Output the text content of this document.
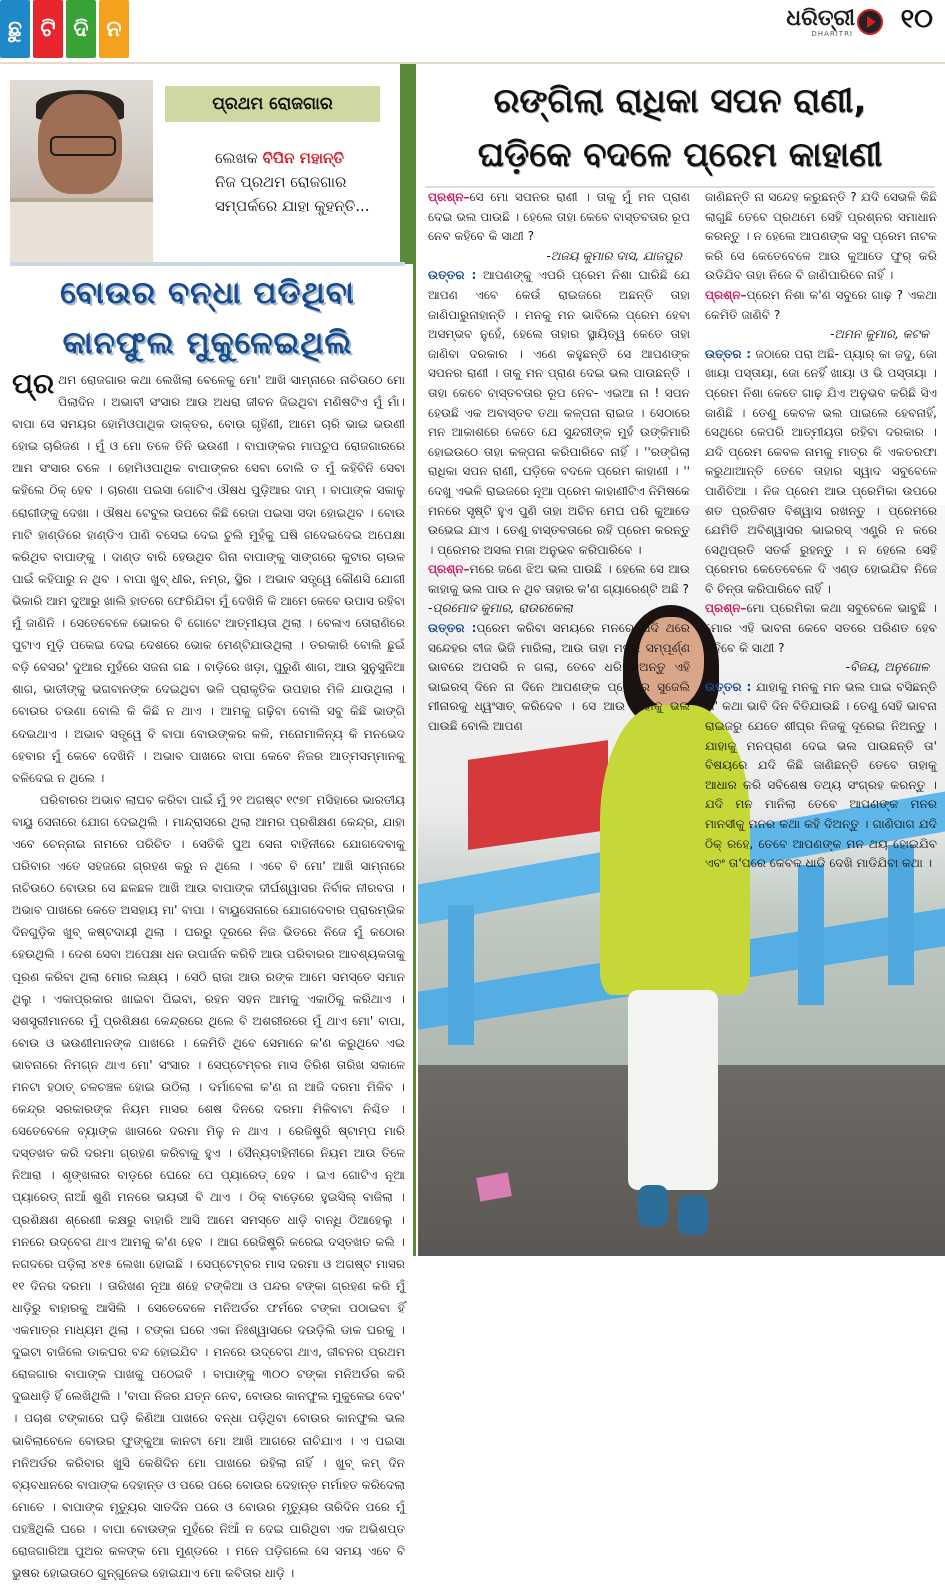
ଛୁ ଟି ଦି ନ	ଧରିତ୍ରୀ
DHARITRI ୧୦
ପ୍ରଥମ ରୋଜଗାର
ଲେଖକ ବିପିନ ମହାନ୍ତି
ନିଜ ପ୍ରଥମ ରୋଜଗାର
ସମ୍ପର୍କରେ ଯାହା କୁହନ୍ତି...
ବୋଉର ବନ୍ଧା ପଡିଥିବା
କାନଫୁଲ ମୁକୁଳେଇଥିଲି

ପ୍ର ଥମ ରୋଜଗାର କଥା ଲେଖିଲା ବେଳେକୁ ମୋ' ଆଖି ସାମ୍ନାରେ ନାଚିଉଠେ ମୋ ପିଲାଦିନ । ଅଭାବୀ ସଂସାର ଆଉ ଅଧରା ଜୀବନ ଜିଇଥିବା ମଣିଷଟିଏ ମୁଁ ମାଁ। ବାପା ସେ ସମୟର ହୋମିଓପାଥିକ ଡାକ୍ତର, ବୋଉ ଗୃହିଣୀ, ଆମେ ଚାରି ଭାଇ ଭଉଣୀ ହୋଇ ଚାରିଜଣ । ମୁଁ ଓ ମୋ ତଳେ ତିନି ଭଉଣୀ । ବାପାଙ୍କର ମାପଚୁପ ରୋଜଗାରରେ ଆମ ସଂସାର ଚଳେ । ହୋମିଓପାଥିକ ବାପାଙ୍କର ସେବା ବୋଲି ତ ମୁଁ କହିବିନି ସେବା କହିଲେ ଠିକ୍ ହେବ । ଚାରଣା ପଇସା ଗୋଟିଏ ଔଷଧ ପୁଡ଼ିଆର ଦାମ୍ । ବାପାଙ୍କ ସକାଳୁ ରୋଗୀଙ୍କୁ ଦେଖା । ଔଷଧ ଟେବୁଲ ଉପରେ କିଛି ରେଜା ପଇସା ସଦା ହୋଇଥିବ । ବୋଉ ମାଟି ହାଣ୍ଡିରେ ହାଣ୍ଡିଏ ପାଣି ବସେଇ ଦେଇ ଚୁଲି ମୁହଁକୁ ଘଷି ଗଦେଇଦେଇ ଅପେକ୍ଷା କରିଥିବ ବାପାଙ୍କୁ । ଦାଣ୍ଡ ବାରି ହେଉଥିବ ଗିନା ବାପାଙ୍କୁ ସାଙ୍ଗରେ କୁଟାର ଚାଉଳ ପାଇଁ କହିପାରୁ ନ ଥିବ । ବାପା ଖୁବ୍ ଧୀର, ନମ୍ର, ସ୍ଥିର । ଅଭାବ ସତ୍ତ୍ୱେ କୌଣସି ଯୋଗୀ ଭିକାରି ଆମ ଦୁଆରୁ ଖାଲି ହାତରେ ଫେରିଯିବା ମୁଁ ଦେଖିନି କି ଆମେ କେବେ ଉପାସ ରହିବା ମୁଁ ଜାଣିନି । ସେତେବେଳେ ଭୋକର ବି ଗୋଟେ ଆତ୍ମୀୟତା ଥିଲା । ବେଳାଏ ତୋରାଣିରେ ପୁଟାଏ ମୁଡ଼ି ପକେଇ ଦେଇ ଦେଶରେ ଭୋକ ମେଣ୍ଟିଯାଉଥିଲା । ତରକାରି ବୋଲି ଛୁଇଁ ବଡ଼ି ବେସର' ଦୁଆର ମୁହଁରେ ସଜନା ଗଛ । ବାଡ଼ିରେ ଖଡ଼ା, ପୁରୁଣି ଶାଗ, ଆଉ ସୁନୁସୁନିଆ ଶାଗ, ଭାତୀଙ୍କୁ ଭଗବାନଙ୍କ ଦେଇଥିବା ଭଳି ପ୍ରାକୃତିକ ଉପହାର ମିଳି ଯାଉଥିଲା । ବୋଉର ଚଉଣା ବୋଲି କି କିଛି ନ ଥାଏ । ଆମକୁ ଗଢ଼ିବା ବୋଲି ସବୁ କିଛି ଭାଙ୍ଗି ଦେଇଥାଏ । ଅଭାବ ସତ୍ତ୍ୱେ ବି ବାପା ବୋଉଙ୍କର କଳି, ମନୋମାଳିନ୍ୟ କି ମନଭେଦ ହେବାର ମୁଁ କେବେ ଦେଖିନି । ଅଭାବ ପାଖରେ ବାପା କେବେ ନିଜର ଆତ୍ମସମ୍ମାନକୁ ବଳିଦେଇ ନ ଥିଲେ ।

ପରିବାରର ଅଭାବ ଲାଘବ କରିବା ପାଇଁ ମୁଁ ୨୧ ଅଗଷ୍ଟ ୧୯୭୮ ମସିହାରେ ଭାରତୀୟ ବାୟୁ ସେନାରେ ଯୋଗ ଦେଇଥିଲି । ମାନ୍ଦ୍ରାସରେ ଥିଲା ଆମର ପ୍ରଶିକ୍ଷଣ କେନ୍ଦ୍ର, ଯାହା ଏବେ ଚେନ୍ନାଇ ନାମରେ ପରିଚିତ । ସେତିକି ପୁଅ ସେନା ବାହିନୀରେ ଯୋଗଦେବାକୁ ପରିବାର ଏତେ ସହଜରେ ଗ୍ରହଣ କରୁ ନ ଥିଲେ । ଏବେ ବି ମୋ' ଆଖି ସାମ୍ନାରେ ନାଚିଉଠେ ବୋଉର ସେ ଛଳଛଳ ଆଖି ଆଉ ବାପାଙ୍କ ଦୀର୍ଘଶ୍ୱାସର ନିର୍ବାକ ନୀରବତା । ଅଭାବ ପାଖରେ କେତେ ଅସହାୟ ମା' ବାପା । ବାୟୁସେନାରେ ଯୋଗଦେବାର ପ୍ରାରମ୍ଭିକ ଦିନଗୁଡ଼ିକ ଖୁବ୍ କଷ୍ଟଦାୟୀ ଥିଲା । ଘରରୁ ଦୂରରେ ନିଜ ଭିତରେ ନିଜେ ମୁଁ କଠୋର ହେଉଥିଲି । ଦେଶ ସେବା ଅପେକ୍ଷା ଧନ ଉପାର୍ଜନ କରିବି ଆଉ ପରିବାରର ଆବଶ୍ୟକତାକୁ ପୂରଣ କରିବା ଥିଲା ମୋର ଲକ୍ଷ୍ୟ । ସେଠି ରାଜା ଆଉ ରଙ୍କ ଆମେ ସମସ୍ତେ ସମାନ ଥିଲୁ । ଏକାପ୍ରକାର ଖାଇବା ପିଇବା, ରହନ ସହନ ଆମକୁ ଏକାଠିକୁ କରିଥାଏ । ସଶସ୍ତ୍ରୀମାନରେ ମୁଁ ପ୍ରଶିକ୍ଷଣ କେନ୍ଦ୍ରରେ ଥିଲେ ବି ଅଶରୀରରେ ମୁଁ ଥାଏ ମୋ' ବାପା, ବୋଉ ଓ ଭଉଣୀମାନଙ୍କ ପାଖରେ । କେମିତି ଥିବେ ସେମାନେ କ'ଣ କରୁଥିବେ ଏଇ ଭାବନାରେ ନିମଗ୍ନ ଥାଏ ମୋ' ସଂସାର । ସେପ୍ଟେମ୍ବର ମାସ ତିରିଶ ତାରିଖ ସକାଳେ ମନଟା ହଠାତ୍ ଚଳଚଞ୍ଚଳ ହୋଇ ଉଠିଲା । ଦର୍ମାବେଳା କ'ଣ ନା ଆଜି ଦରମା ମିଳିବ । କେନ୍ଦ୍ର ସରକାରଙ୍କ ନିୟମ ମାସର ଶେଷ ଦିନରେ ଦରମା ମିଳିବାଟା ନିଶ୍ଚିତ । ସେତେବେଳେ ବ୍ୟାଙ୍କ ଖାତାରେ ଦରମା ମିଳୁ ନ ଥାଏ । ରେଜିଷ୍ଟ୍ରି ଷ୍ଟାମ୍ପ ମାରି ଦସ୍ତଖତ କରି ଦରମା ଗ୍ରହଣ କରିବାକୁ ହୁଏ । ସୈନ୍ୟବାହିନୀରେ ନିୟମ ଆଉ ତିଳେ ନିଆରା । ଶୃଙ୍ଖଳାର ବାଡ଼ରେ ଘେରେ ପେ ପ୍ୟାରେଡ୍ ହେବ । ଇଏ ଗୋଟିଏ ନୂଆ ପ୍ୟାରେଡ୍ ନାଆଁ ଶୁଣି ମନରେ ଭୟଭୀ ବି ଥାଏ । ଠିକ୍ ବାଡ଼େରେ ହୁଇସିଲ୍ ବାଜିଲା । ପ୍ରଶିକ୍ଷଣ ଶ୍ରେଣୀ କକ୍ଷରୁ ବାହାରି ଆସି ଆମେ ସମସ୍ତେ ଧାଡ଼ି ବାନ୍ଧି ଠିଆହେଲୁ । ମନରେ ଉଦ୍‌ବେଗ ଥାଏ ଆମକୁ କ'ଣ ହେବ । ଆଗ ରେଜିଷ୍ଟ୍ରି କରେଇ ଦସ୍ତଖତ କଲି । ନଗଦରେ ପଡ଼ିଲା ୪୧୫ ଲେଖା ହୋଇଛି । ସେପ୍ଟେମ୍ବର ମାସ ଦରମା ଓ ଅଗଷ୍ଟ ମାସର ୧୧ ଦିନର ଦରମା । ତାରିଖଣ ନୂଆ ଶହେ ଟଙ୍କିଆ ଓ ପନ୍ଦର ଟଙ୍କା ଗ୍ରହଣ କରି ମୁଁ ଧାଡ଼ିରୁ ବାହାରକୁ ଆସିଲି । ସେତେବେଳେ ମନିଅର୍ଡର ଫର୍ମରେ ଟଙ୍କା ପଠାଇବା ହିଁ ଏକମାତ୍ର ମାଧ୍ୟମ ଥିଲା । ଟଙ୍କା ଘରେ ଏକା ନିଃଶ୍ୱାସରେ ଦଉଡ଼ିଲି ଡାକ ଘରକୁ । ଦୁଇଟା ବାଜିଲେ ଡାକଘର ବନ୍ଦ ହୋଇଯିବ । ମନରେ ଉଦ୍‌ବେଗ ଥାଏ, ଜୀବନର ପ୍ରଥମ ରୋଜଗାର ବାପାଙ୍କ ପାଖକୁ ପଠେଇବି । ବାପାଙ୍କୁ ୩୦୦ ଟଙ୍କା ମନିଅର୍ଡର କରି ଦୁଇଧାଡ଼ି ହିଁ ଲେଖିଥିଲି । 'ବାପା ନିଜର ଯତ୍ନ ନେବ, ବୋଉର କାନଫୁଲ ମୁକୁଳେଇ ଦେବ' । ପଚାଶ ଟଙ୍କାରେ ଘଡ଼ି କିଣିଆ ପାଖରେ ବନ୍ଧା ପଡ଼ିଥିବା ବୋଉର କାନଫୁଲ ଭଲ ଭାବିଲାବେଳେ ବୋଉର ଫୁଙ୍କୁଆ କାନଟା ମୋ ଆଖି ଆଗରେ ନାଚିଯାଏ । ଏ ପଇସା ମନିଅର୍ଡର କରିବାର ଖୁସି କେଶିଦିନ ମୋ ପାଖରେ ରହିଲା ନାହିଁ । ଖୁବ୍ କମ୍ ଦିନ ବ୍ୟବଧାନରେ ବାପାଙ୍କ ଦେହାନ୍ତ ଓ ପରେ ପରେ ବୋଉର ଦେହାନ୍ତ ମର୍ମାହତ କରିଦେଲା ମୋତେ । ବାପାଙ୍କ ମୃତ୍ୟୁର ସାତଦିନ ପରେ ଓ ବୋଉର ମୃତ୍ୟୁର ତାରିଦିନ ପରେ ମୁଁ ପହଞ୍ଚିଥିଲି ଘରେ । ବାପା ବୋଉଙ୍କ ମୁହଁରେ ନିଆଁ ନ ଦେଇ ପାରିଥିବା ଏକ ଅଭିଶପ୍ତ ରୋଜଗାରିଆ ପୁଅର କଳଙ୍କ ମୋ ମୁଣ୍ଡରେ । ମନେ ପଡ଼ିଗଲେ ସେ ସମୟ ଏବେ ବି ଭୁଷର ହୋଇଉଠେ ଗୁନ୍ଗୁନେଇ ହୋଇଯାଏ ମୋ କବିତାର ଧାଡ଼ି ।

ରଙ୍ଗିଲା ରାଧିକା ସପନ ରାଣୀ,
ଘଡ଼ିକେ ବଦଳେ ପ୍ରେମ କାହାଣୀ

ପ୍ରଶ୍ନ–ସେ ମୋ ସପନର ରାଣୀ । ତାକୁ ମୁଁ ମନ ପ୍ରାଣ ଦେଇ ଭଲ ପାଉଛି । ହେଲେ ତାହା କେବେ ବାସ୍ତବତାର ରୂପ ନେବ କହିବେ କି ସାଥୀ ?

-ଅଜୟ କୁମାର ଦାସ, ଯାଜପୁର

ଉତ୍ତର : ଆପଣଙ୍କୁ ଏପରି ପ୍ରେମ ନିଶା ଘାରିଛି ଯେ ଆପଣ ଏବେ କେଉଁ ରାଇଜରେ ଅଛନ୍ତି ତାହା ଜାଣିପାରୁନାହାନ୍ତି । ମନକୁ ମନ ଭାବିଲେ ପ୍ରେମ ହେବା ଅସମ୍ଭବ ନୁହେଁ, ହେଲେ ତାହାର ସ୍ଥାୟିତ୍ୱ କେତେ ତାହା ଜାଣିବା ଦରକାର । ଏଣେ କହୁଛନ୍ତି ସେ ଆପଣଙ୍କ ସପନର ରାଣୀ । ତାକୁ ମନ ପ୍ରାଣ ଦେଇ ଭଲ ପାଉଛନ୍ତି । ତାହା କେବେ ବାସ୍ତବତାର ରୂପ ନେବ- ଏଇଆ ନା ! ସପନ ହେଉଛି ଏକ ଅବାସ୍ତବ ତଥା କଳ୍ପନା ରାଇଜ । ସେଠାରେ ମନ ଆକାଶରେ କେତେ ଯେ ସୁନ୍ଦରୀଙ୍କ ମୁହଁ ଉଙ୍କିମାରି ହୋଇଉଠେ ତାହା କଳ୍ପନା କରିପାରିବେ ନାହିଁ । ''ରଙ୍ଗିଲା ରାଧିକା ସପନ ରାଣୀ, ଘଡ଼ିକେ ବଦଳେ ପ୍ରେମ କାହାଣୀ । '' ଦେଖୁ ଏଭଳି ରାଇଜରେ ନୂଆ ପ୍ରେମ କାହାଣୀଟିଏ ନିମିଷକେ ମନରେ ସୃଷ୍ଟି ହୁଏ ପୁଣି ତାହା ଅଚିନ ମେଘ ପରି କୁଆଡେ ଉଭେଇ ଯାଏ । ତେଣୁ ବାସ୍ତବତାରେ ରହି ପ୍ରେମ କରନ୍ତୁ । ପ୍ରେମର ଅସଲ ମଜା ଅନୁଭବ କରିପାରିବେ ।

ପ୍ରଶ୍ନ–ମରେ ଜଣେ ଝିଅ ଭଲ ପାଉଛି । ହେଲେ ସେ ଆଉ କାହାକୁ ଭଲ ପାଉ ନ ଥିବ ତାହାର କ'ଣ ଗ୍ୟାରେଣ୍ଟି ଅଛି ?

-ପ୍ରମୋଦ କୁମାର, ରାଉରକେଲା

ଉତ୍ତର :ପ୍ରେମ କରିବା ସମୟରେ ମନରେ ଯଦି ଥରେ ସନ୍ଦେହର ବୀଜ ଭିଜି ମାରିଲା, ଆଉ ତାହା ମନରୁ ସମ୍ପୂର୍ଣ୍ଣ ଭାବରେ ଅପସରି ନ ଗଲା, ତେବେ ଧରି ନିଅନ୍ତୁ ଏହି ଭାଇରସ୍ ଦିନେ ନା ଦିନେ ଆପଣଙ୍କ ପ୍ରେମର ସୁଜେଲି ମୀନାରକୁ ଧ୍ୱଂସାତ୍ କରିଦେବ । ସେ ଆଉ କାହାକୁ ଭଲ ପାଉଛି ବୋଲି ଆପଣ

ଜାଣିଛନ୍ତି ନା ସନ୍ଦେହ କରୁଛନ୍ତି ? ଯଦି ସେଭଳି କିଛି ଲାଗୁଛି ତେବେ ପ୍ରଥମେ ସେହି ପ୍ରଶ୍ନର ସମାଧାନ କରନ୍ତୁ । ନ ହେଲେ ଆପଣଙ୍କ ସବୁ ପ୍ରେମ ନାଟକ କରି ସେ କେତେବେଳେ ଆଉ କୁଆଡେ ଫୁର୍ କରି ଉଡିଯିବ ତାହା ନିଜେ ବି ଜାଣିପାରିବେ ନାହିଁ ।

ପ୍ରଶ୍ନ–ପ୍ରେମ ନିଶା କ'ଣ ସବୁରେ ଗାଢ଼ ? ଏକଥା କେମିତି ଜାଣିବି ?

-ଅମନ କୁମାର, କଟକ

ଉତ୍ତର : ଜଠାରେ ପରା ଅଛି- ପ୍ୟାର୍ କା ଜଦୁ, ଜୋ ଖାୟା ପସ୍ତାୟା, ଜୋ ନେହିଁ ଖାୟା ଓ ଭି ପସ୍ତାୟା । ପ୍ରେମ ନିଶା କେତେ ଗାଢ଼ ଯିଏ ଅନୁଭବ କରିଛି ସିଏ ଜାଣିଛି । ତେଣୁ କେବଳ ଭଲ ପାଇଲେ ହେବନାହିଁ, ସେଥିରେ କେପରି ଆତ୍ମୀୟତା ରହିବା ଦରକାର । ଯଦି ପ୍ରେମ କେବଳ ନାମକୁ ମାତ୍ର କି ଏକତରଫା କରୁଥାଆନ୍ତି ତେବେ ତାହାର ସ୍ୱାଦ ସବୁବେଳେ ପାଣିଚିଆ । ନିଜ ପ୍ରେମ ଆଉ ପ୍ରେମିକା ଉପରେ ଶତ ପ୍ରତିଶତ ବିଶ୍ୱାସ ରଖନ୍ତୁ । ପ୍ରେମରେ ଯେମିତି ଅବିଶ୍ୱାସର ଭାଇରସ୍ ଏଣ୍ଟ୍ରି ନ କରେ ସେଥିପ୍ରତି ସତର୍କ ରୁହନ୍ତୁ । ନ ହେଲେ ସେହି ପ୍ରେମର କେତେବେଳେ ଦି ଏଣ୍ଡ ହୋଇଯିବ ନିଜେ ବି ଚିନ୍ତା କରିପାରିବେ ନାହିଁ ।

ପ୍ରଶ୍ନ–ମୋ ପ୍ରେମିକା କଥା ସବୁବେଳେ ଭାବୁଛି । ମୋର ଏହି ଭାବନା କେବେ ସତରେ ପରିଣତ ହେବ କହିବେ କି ସାଥୀ ?

-ବିଜୟ, ଅନୁଗୋଳ

ଉତ୍ତର : ଯାହାକୁ ମନକୁ ମନ ଭଲ ପାଇ ବସିଛନ୍ତି ତା' କଥା ଭାବି ଦିନ ବିତିଯାଉଛି । ତେଣୁ ସେହି ଭାବନା ରାଇଜରୁ ଯେତେ ଶୀଘ୍ର ନିଜକୁ ଦୂରେଇ ନିଅନ୍ତୁ । ଯାହାକୁ ମନପ୍ରାଣ ଦେଇ ଭଲ ପାଉଛନ୍ତି ତା' ବିଷୟରେ ଯଦି କିଛି ଜାଣିଛନ୍ତି ତେବେ ତାହାକୁ ଆଧାର କରି ସବିଶେଷ ତଥ୍ୟ ସଂଗ୍ରହ କରନ୍ତୁ । ଯଦି ମନ ମାନିଲା ତେବେ ଆପଣଙ୍କ ମନର ମାନସୀକୁ ମନର କଥା କହି ଦିଅନ୍ତୁ । ଗାଣିପାଗ ଯଦି ଠିକ୍ ରହେ, ତେବେ ଆପଣଙ୍କ ମନ ଥୟ ହୋଇଯିବ ଏବଂ ତା'ପରେ କେବଳ ଧାଡି ଦେଖି ମାଡିଯିବା କଥା ।
